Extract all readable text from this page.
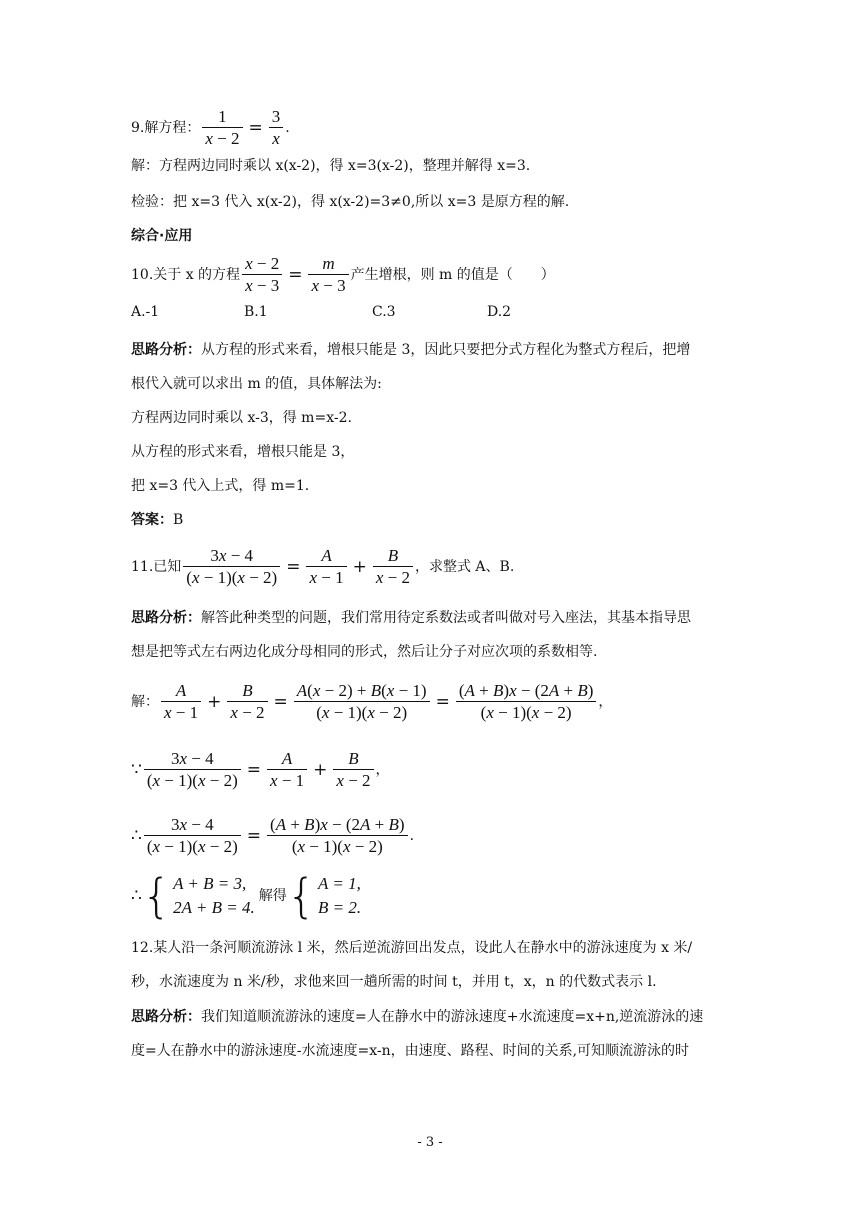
9.解方程： $\frac{1}{x - 2} = \frac{3}{x}$ .
解：方程两边同时乘以 x(x-2)，得 x=3(x-2)，整理并解得 x=3.
检验：把 x=3 代入 x(x-2)，得 x(x-2)=3≠0,所以 x=3 是原方程的解.
综合·应用
10.关于 x 的方程 $\frac{x - 2}{x - 3} = \frac{m}{x - 3}$ 产生增根，则 m 的值是（　　）
A.-1	B.1	C.3	D.2
思路分析：从方程的形式来看，增根只能是 3，因此只要把分式方程化为整式方程后，把增
根代入就可以求出 m 的值，具体解法为:
方程两边同时乘以 x-3，得 m=x-2.
从方程的形式来看，增根只能是 3，
把 x=3 代入上式，得 m=1.
答案：B
11.已知 $\frac{3x - 4}{(x - 1)(x - 2)} = \frac{A}{x - 1} + \frac{B}{x - 2}$ ，求整式 A、B.
思路分析：解答此种类型的问题，我们常用待定系数法或者叫做对号入座法，其基本指导思
想是把等式左右两边化成分母相同的形式，然后让分子对应次项的系数相等.
解： $\frac{A}{x - 1} + \frac{B}{x - 2} = \frac{A(x - 2) + B(x - 1)}{(x - 1)(x - 2)} = \frac{(A + B)x - (2A + B)}{(x - 1)(x - 2)}$ ，
∵ $\frac{3x - 4}{(x - 1)(x - 2)} = \frac{A}{x - 1} + \frac{B}{x - 2}$ ，
∴ $\frac{3x - 4}{(x - 1)(x - 2)} = \frac{(A + B)x - (2A + B)}{(x - 1)(x - 2)}$ .
∴ { A + B = 3,
2A + B = 4.
解得 { A = 1,
B = 2.
12.某人沿一条河顺流游泳 l 米，然后逆流游回出发点，设此人在静水中的游泳速度为 x 米/
秒，水流速度为 n 米/秒，求他来回一趟所需的时间 t，并用 t，x，n 的代数式表示 l.
思路分析：我们知道顺流游泳的速度=人在静水中的游泳速度+水流速度=x+n,逆流游泳的速
度=人在静水中的游泳速度-水流速度=x-n，由速度、路程、时间的关系,可知顺流游泳的时
- 3 -
